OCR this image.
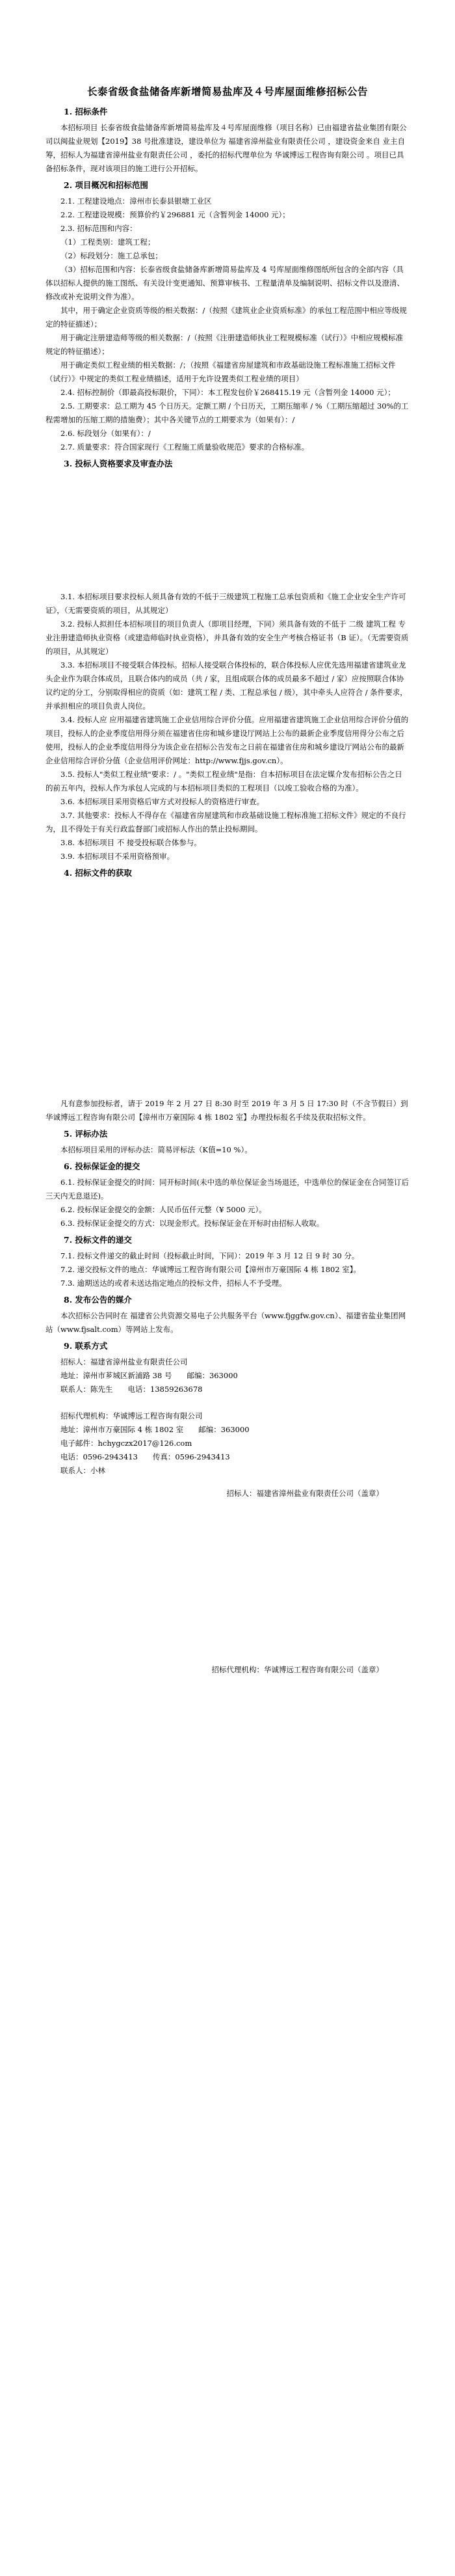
长泰省级食盐储备库新增简易盐库及４号库屋面维修招标公告
1. 招标条件

本招标项目 长泰省级食盐储备库新增简易盐库及４号库屋面维修（项目名称）已由福建省盐业集团有限公司以闽盐业规划【2019】38 号批准建设，建设单位为 福建省漳州盐业有限责任公司 ，建设资金来自 业主自筹，招标人为福建省漳州盐业有限责任公司 ，委托的招标代理单位为 华诚博远工程咨询有限公司 。项目已具备招标条件，现对该项目的施工进行公开招标。

2. 项目概况和招标范围

2.1. 工程建设地点：漳州市长泰县银塘工业区

2.2. 工程建设规模：预算价约￥296881 元（含暂列金 14000 元）；

2.3. 招标范围和内容：

（1）工程类别：建筑工程；

（2）标段划分：施工总承包；

（3）招标范围和内容：长泰省级食盐储备库新增简易盐库及 4 号库屋面维修图纸所包含的全部内容（具体以招标人提供的施工图纸、有关设计变更通知、预算审核书、工程量清单及编制说明、招标文件以及澄清、修改或补充说明文件为准）。

其中，用于确定企业资质等级的相关数据：/（按照《建筑业企业资质标准》的承包工程范围中相应等级规定的特征描述）；

用于确定注册建造师等级的相关数据：/（按照《注册建造师执业工程规模标准（试行）》中相应规模标准规定的特征描述）；

用于确定类似工程业绩的相关数据：/；（按照《福建省房屋建筑和市政基础设施工程标准施工招标文件（试行）》中规定的类似工程业绩描述，适用于允许设置类似工程业绩的项目）

2.4. 招标控制价（即最高投标限价，下同）：本工程发包价￥268415.19 元（含暂列金 14000 元）；

2.5. 工期要求：总工期为 45 个日历天。定额工期 / 个日历天，工期压缩率 / %（工期压缩超过 30%的工程需增加的压缩工期的措施费）；其中各关键节点的工期要求为（如果有）：/

2.6. 标段划分（如果有）：/

2.7. 质量要求：符合国家现行《工程施工质量验收规范》要求的合格标准。

3. 投标人资格要求及审查办法

3.1. 本招标项目要求投标人须具备有效的不低于三级建筑工程施工总承包资质和《施工企业安全生产许可证》，（无需要资质的项目，从其规定）

3.2. 投标人拟担任本招标项目的项目负责人（即项目经理，下同）须具备有效的不低于 二级 建筑工程 专业注册建造师执业资格（或建造师临时执业资格），并具备有效的安全生产考核合格证书（B 证）。（无需要资质的项目，从其规定）

3.3. 本招标项目不接受联合体投标。招标人接受联合体投标的，联合体投标人应优先选用福建省建筑业龙头企业作为联合体成员，且联合体内的成员（共 / 家，且组成联合体的成员最多不超过 / 家）应按照联合体协议约定的分工，分别取得相应的资质（如：建筑工程 / 类、工程总承包 / 级），其中牵头人应符合 / 条件要求，并承担相应的项目负责人岗位。

3.4. 投标人应 应用福建省建筑施工企业信用综合评价分值。应用福建省建筑施工企业信用综合评价分值的项目，投标人的企业季度信用得分须在福建省住房和城乡建设厅网站上公布的最新企业季度信用得分公布之后使用，投标人的企业季度信用得分为该企业在招标公告发布之日前在福建省住房和城乡建设厅网站公布的最新企业信用综合评价分值（企业信用评价网址：http://www.fjjs.gov.cn）。

3.5. 投标人"类似工程业绩"要求：/ 。"类似工程业绩"是指：自本招标项目在法定媒介发布招标公告之日的前五年内，投标人作为承包人完成的与本招标项目类似的工程项目（以竣工验收合格的为准）。

3.6. 本招标项目采用资格后审方式对投标人的资格进行审查。

3.7. 其他要求：投标人不得存在《福建省房屋建筑和市政基础设施工程标准施工招标文件》规定的不良行为，且不得处于有关行政监督部门或招标人作出的禁止投标期间。

3.8. 本招标项目 不 接受投标联合体参与。

3.9. 本招标项目不采用资格预审。

4. 招标文件的获取

凡有意参加投标者，请于 2019 年 2 月 27 日 8:30 时至 2019 年 3 月 5 日 17:30 时（不含节假日）到华诚博远工程咨询有限公司【漳州市万豪国际 4 栋 1802 室】办理投标报名手续及获取招标文件。

5. 评标办法

本招标项目采用的评标办法：简易评标法（K值=10 %）。

6. 投标保证金的提交

6.1. 投标保证金提交的时间：同开标时间(未中选的单位保证金当场退还，中选单位的保证金在合同签订后三天内无息退还)。

6.2. 投标保证金提交的金额：人民币伍仟元整（¥ 5000 元）。

6.3. 投标保证金提交的方式：以现金形式。投标保证金在开标时由招标人收取。

7. 投标文件的递交

7.1. 投标文件递交的截止时间（投标截止时间，下同）：2019 年 3 月 12 日 9 时 30 分。

7.2. 递交投标文件的地点：华诚博远工程咨询有限公司【漳州市万豪国际 4 栋 1802 室】。

7.3. 逾期送达的或者未送达指定地点的投标文件，招标人不予受理。

8. 发布公告的媒介

本次招标公告同时在 福建省公共资源交易电子公共服务平台（www.fjggfw.gov.cn）、福建省盐业集团网站（www.fjsalt.com）等网站上发布。

9. 联系方式

招标人：福建省漳州盐业有限责任公司

地址：漳州市芗城区新浦路 38 号　　邮编：363000

联系人：陈先生　　电话：13859263678

招标代理机构：华诚博远工程咨询有限公司

地址：漳州市万豪国际 4 栋 1802 室　　邮编：363000

电子邮件：hchygczx2017@126.com

电话：0596-2943413　　传真：0596-2943413

联系人：小林

招标人：福建省漳州盐业有限责任公司（盖章）

招标代理机构：华诚博远工程咨询有限公司（盖章）
